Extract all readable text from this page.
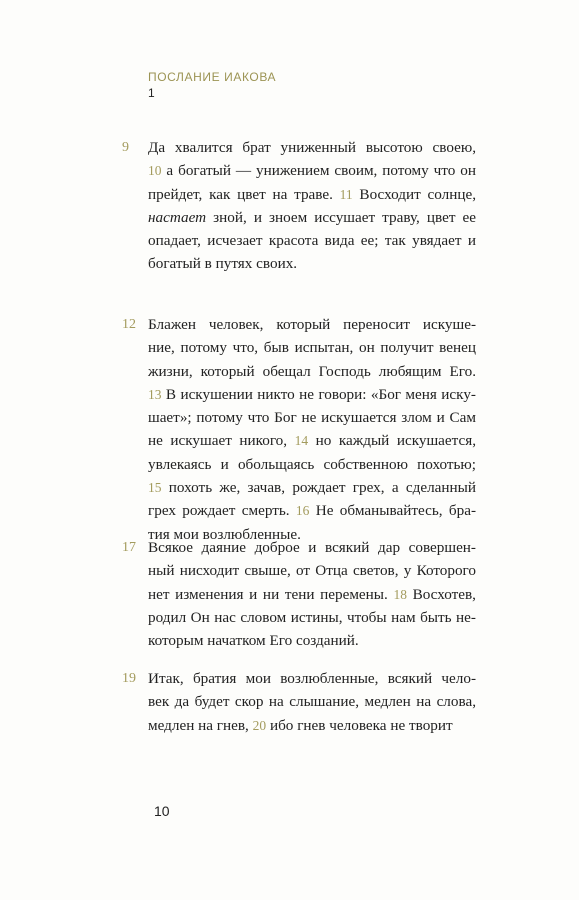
ПОСЛАНИЕ ИАКОВА
1
9 Да хвалится брат униженный высотою своею,
10 а богатый — унижением своим, потому что он
прейдет, как цвет на траве. 11 Восходит солнце,
настает зной, и зноем иссушает траву, цвет ее
опадает, исчезает красота вида ее; так увядает и
богатый в путях своих.
12 Блажен человек, который переносит искуше-
ние, потому что, быв испытан, он получит венец
жизни, который обещал Господь любящим Его.
13 В искушении никто не говори: «Бог меня иску-
шает»; потому что Бог не искушается злом и Сам
не искушает никого, 14 но каждый искушается,
увлекаясь и обольщаясь собственною похотью;
15 похоть же, зачав, рождает грех, а сделанный
грех рождает смерть. 16 Не обманывайтесь, бра-
тия мои возлюбленные.
17 Всякое даяние доброе и всякий дар совершен-
ный нисходит свыше, от Отца светов, у Которого
нет изменения и ни тени перемены. 18 Восхотев,
родил Он нас словом истины, чтобы нам быть не-
которым начатком Его созданий.
19 Итак, братия мои возлюбленные, всякий чело-
век да будет скор на слышание, медлен на слова,
медлен на гнев, 20 ибо гнев человека не творит
10
